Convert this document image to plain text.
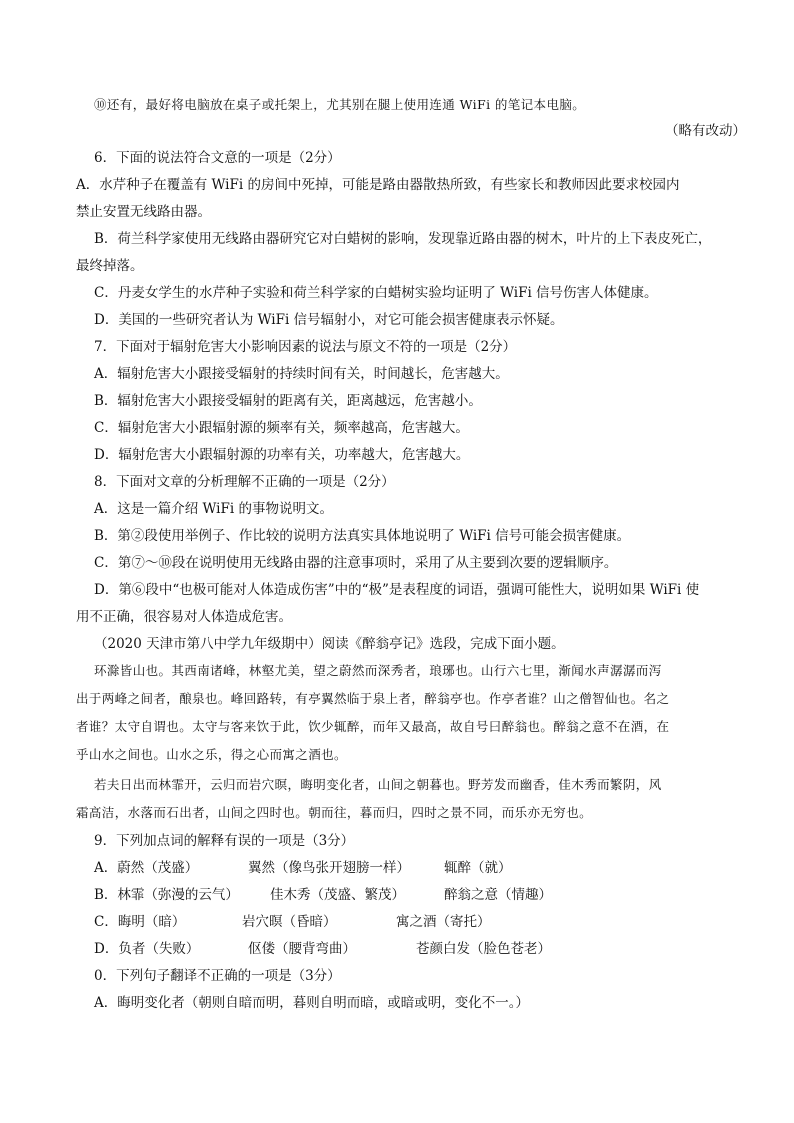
⑩还有，最好将电脑放在桌子或托架上，尤其别在腿上使用连通 WiFi 的笔记本电脑。
（略有改动）
6．下面的说法符合文意的一项是（2分）
A．水芹种子在覆盖有 WiFi 的房间中死掉，可能是路由器散热所致，有些家长和教师因此要求校园内
禁止安置无线路由器。
B．荷兰科学家使用无线路由器研究它对白蜡树的影响，发现靠近路由器的树木，叶片的上下表皮死亡，
最终掉落。
C．丹麦女学生的水芹种子实验和荷兰科学家的白蜡树实验均证明了 WiFi 信号伤害人体健康。
D．美国的一些研究者认为 WiFi 信号辐射小，对它可能会损害健康表示怀疑。
7．下面对于辐射危害大小影响因素的说法与原文不符的一项是（2分）
A．辐射危害大小跟接受辐射的持续时间有关，时间越长，危害越大。
B．辐射危害大小跟接受辐射的距离有关，距离越远，危害越小。
C．辐射危害大小跟辐射源的频率有关，频率越高，危害越大。
D．辐射危害大小跟辐射源的功率有关，功率越大，危害越大。
8．下面对文章的分析理解不正确的一项是（2分）
A．这是一篇介绍 WiFi 的事物说明文。
B．第②段使用举例子、作比较的说明方法真实具体地说明了 WiFi 信号可能会损害健康。
C．第⑦～⑩段在说明使用无线路由器的注意事项时，采用了从主要到次要的逻辑顺序。
D．第⑥段中“也极可能对人体造成伤害”中的“极”是表程度的词语，强调可能性大，说明如果 WiFi 使
用不正确，很容易对人体造成危害。
（2020 天津市第八中学九年级期中）阅读《醉翁亭记》选段，完成下面小题。
环滁皆山也。其西南诸峰，林壑尤美，望之蔚然而深秀者，琅琊也。山行六七里，渐闻水声潺潺而泻
出于两峰之间者，酿泉也。峰回路转，有亭翼然临于泉上者，醉翁亭也。作亭者谁？山之僧智仙也。名之
者谁？太守自谓也。太守与客来饮于此，饮少辄醉，而年又最高，故自号曰醉翁也。醉翁之意不在酒，在
乎山水之间也。山水之乐，得之心而寓之酒也。
若夫日出而林霏开，云归而岩穴暝，晦明变化者，山间之朝暮也。野芳发而幽香，佳木秀而繁阴，风
霜高洁，水落而石出者，山间之四时也。朝而往，暮而归，四时之景不同，而乐亦无穷也。
9．下列加点词的解释有误的一项是（3分）
A．蔚然（茂盛）	翼然（像鸟张开翅膀一样）	辄醉（就）
B．林霏（弥漫的云气） 佳木秀（茂盛、繁茂）	醉翁之意（情趣）
C．晦明（暗）	岩穴暝（昏暗）	寓之酒（寄托）
D．负者（失败）	伛偻（腰背弯曲）	苍颜白发（脸色苍老）
0．下列句子翻译不正确的一项是（3分）
A．晦明变化者（朝则自暗而明，暮则自明而暗，或暗或明，变化不一。）
